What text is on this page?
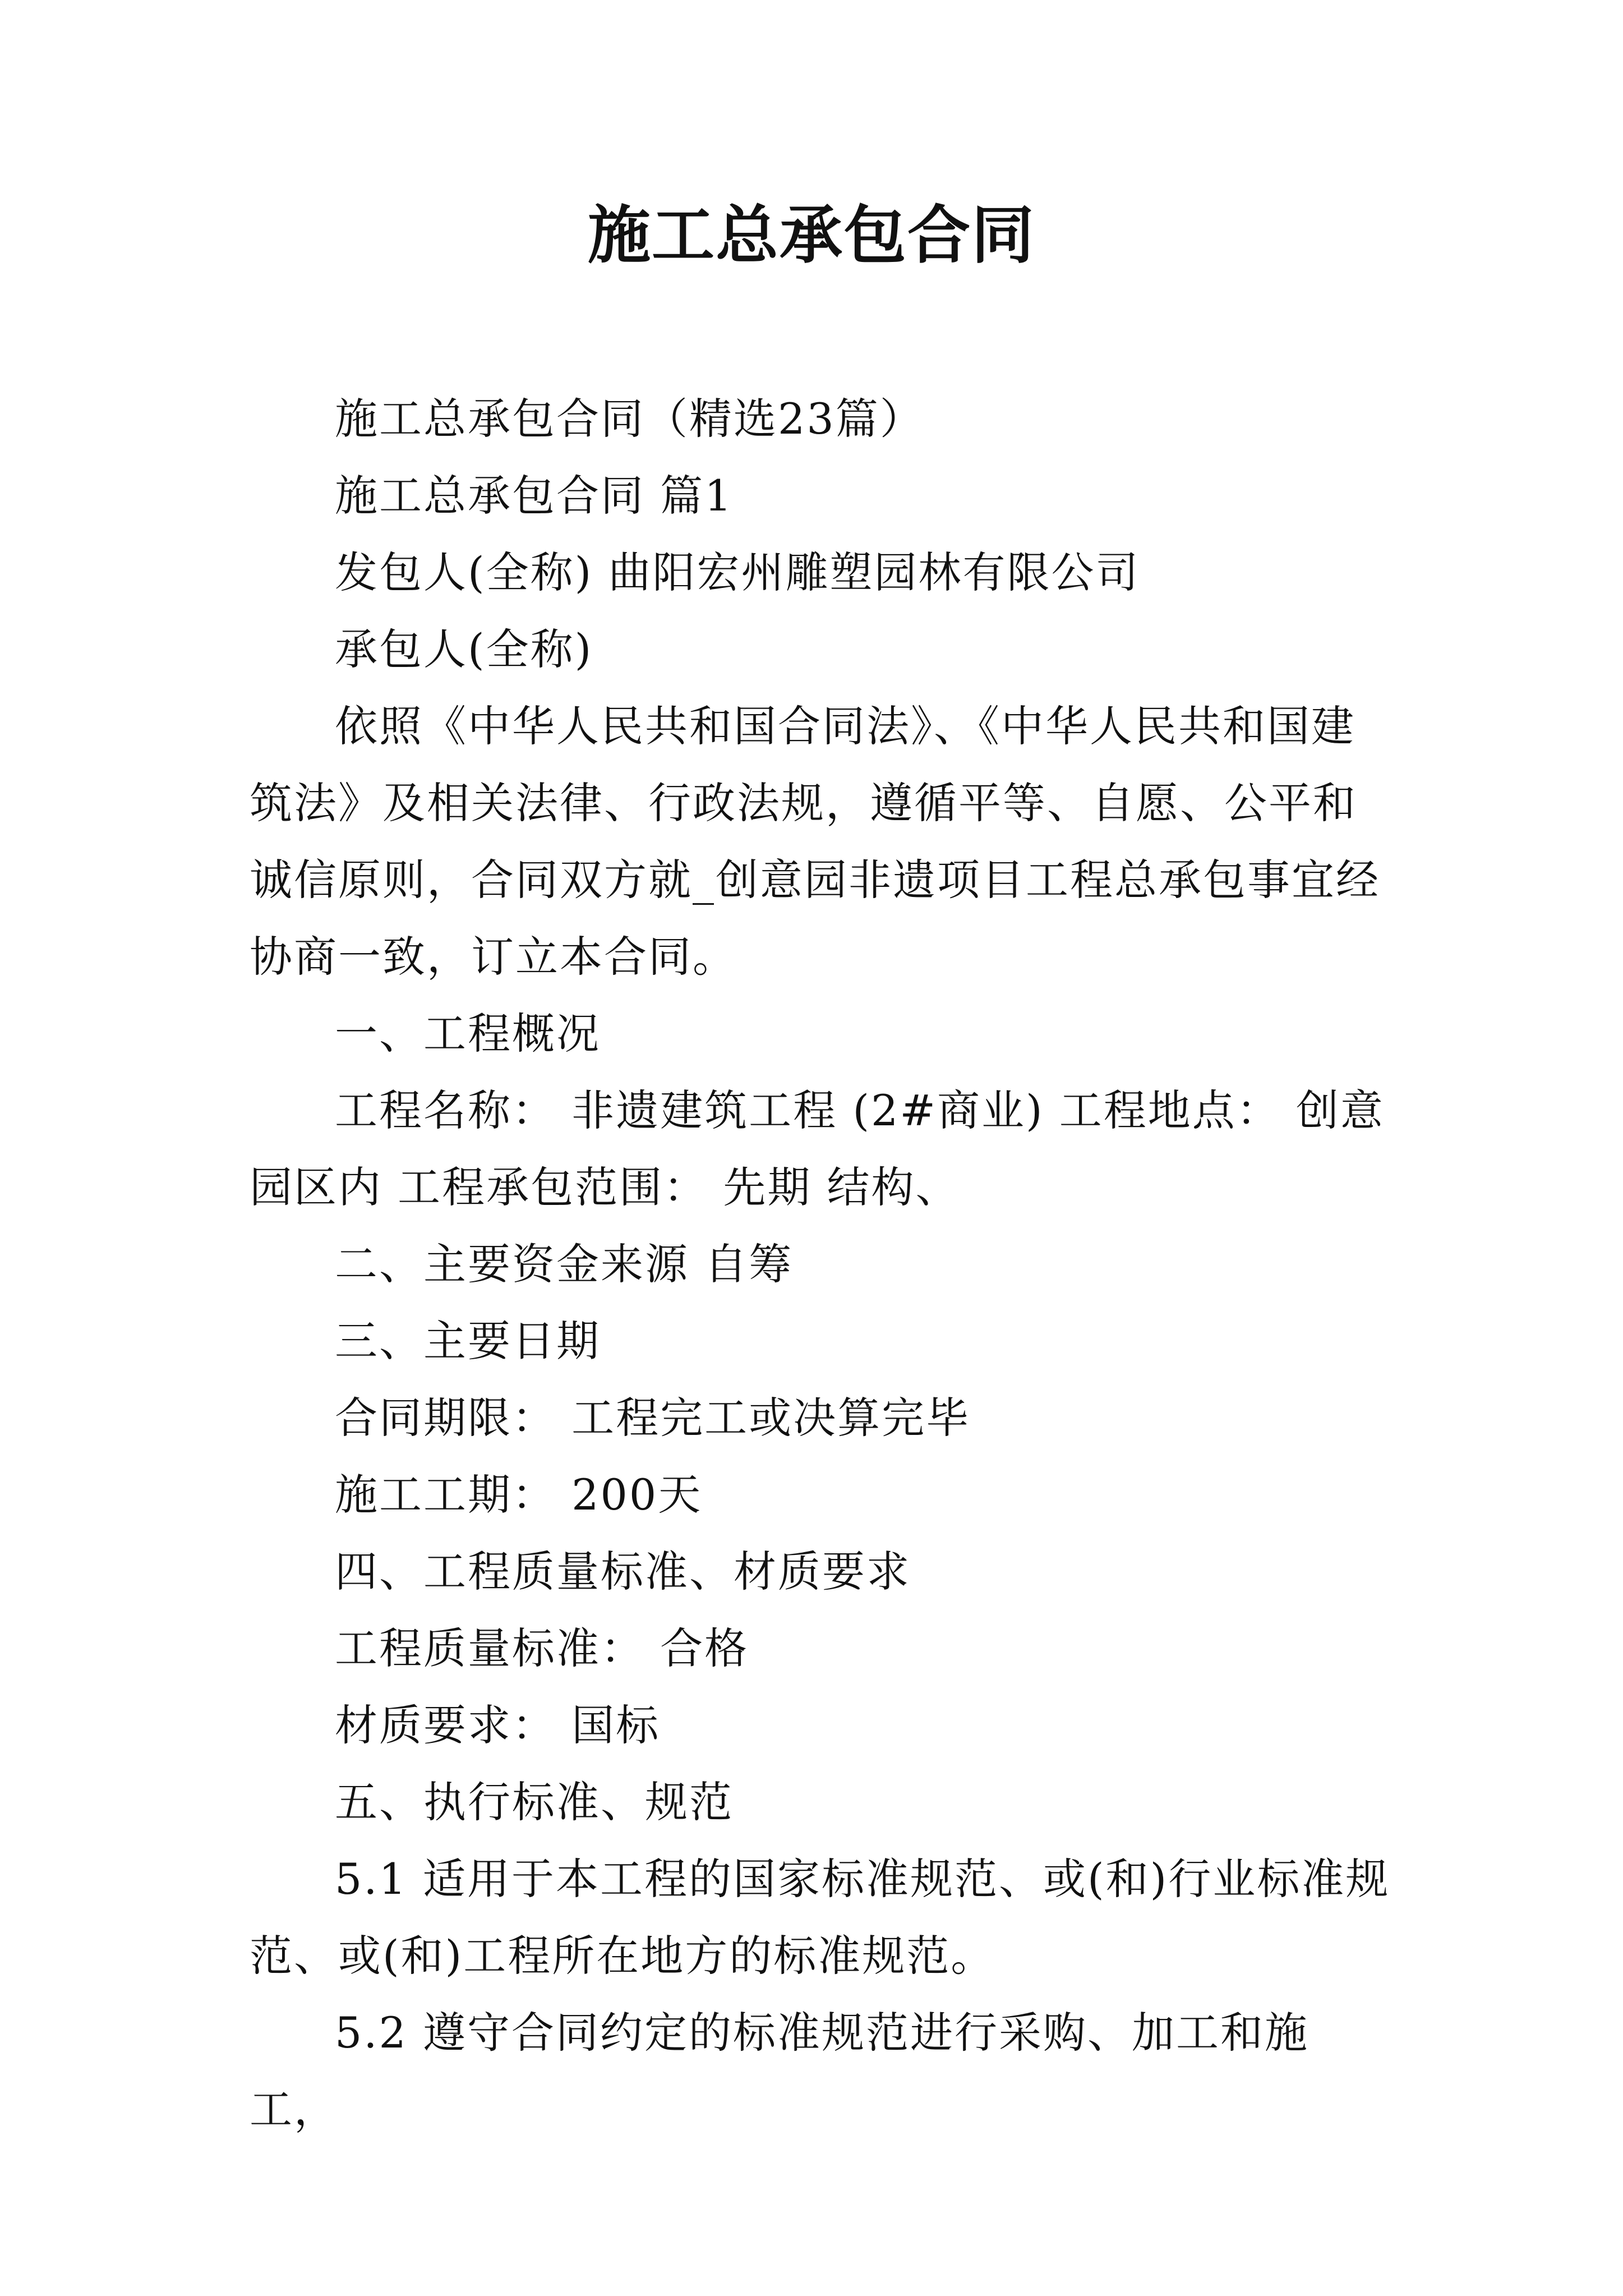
施工总承包合同

施工总承包合同（精选23篇）

施工总承包合同 篇1

发包人(全称) 曲阳宏州雕塑园林有限公司

承包人(全称)

依照《中华人民共和国合同法》、《中华人民共和国建筑法》及相关法律、行政法规，遵循平等、自愿、公平和诚信原则，合同双方就_创意园非遗项目工程总承包事宜经协商一致，订立本合同。

一、工程概况

工程名称： 非遗建筑工程 (2#商业) 工程地点： 创意园区内 工程承包范围： 先期 结构、

二、主要资金来源 自筹

三、主要日期

合同期限： 工程完工或决算完毕

施工工期： 200天

四、工程质量标准、材质要求

工程质量标准： 合格

材质要求： 国标

五、执行标准、规范

5.1 适用于本工程的国家标准规范、或(和)行业标准规范、或(和)工程所在地方的标准规范。

5.2 遵守合同约定的标准规范进行采购、加工和施工，
